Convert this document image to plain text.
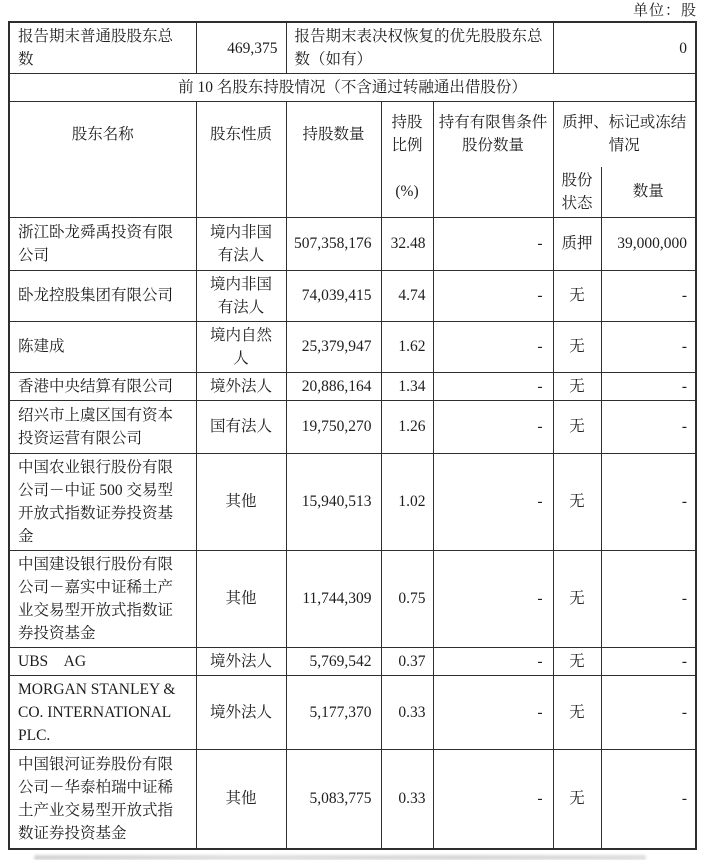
单位：股
报告期末普通股股东总数	469,375	报告期末表决权恢复的优先股股东总数（如有）			0	
前 10 名股东持股情况（不含通过转融通出借股份）						
股东名称	股东性质	持股数量	持股比例	持有有限售条件股份数量	质押、标记或冻结情况	
			(%)		股份状态	数量
浙江卧龙舜禹投资有限公司	境内非国有法人	507,358,176	32.48	-	质押	39,000,000
卧龙控股集团有限公司	境内非国有法人	74,039,415	4.74	-	无	-
陈建成	境内自然人	25,379,947	1.62	-	无	-
香港中央结算有限公司	境外法人	20,886,164	1.34	-	无	-
绍兴市上虞区国有资本投资运营有限公司	国有法人	19,750,270	1.26	-	无	-
中国农业银行股份有限公司－中证 500 交易型开放式指数证券投资基金	其他	15,940,513	1.02	-	无	-
中国建设银行股份有限公司－嘉实中证稀土产业交易型开放式指数证券投资基金	其他	11,744,309	0.75	-	无	-
UBS　AG	境外法人	5,769,542	0.37	-	无	-
MORGAN STANLEY & CO. INTERNATIONAL PLC.	境外法人	5,177,370	0.33	-	无	-
中国银河证券股份有限公司－华泰柏瑞中证稀土产业交易型开放式指数证券投资基金	其他	5,083,775	0.33	-	无	-
